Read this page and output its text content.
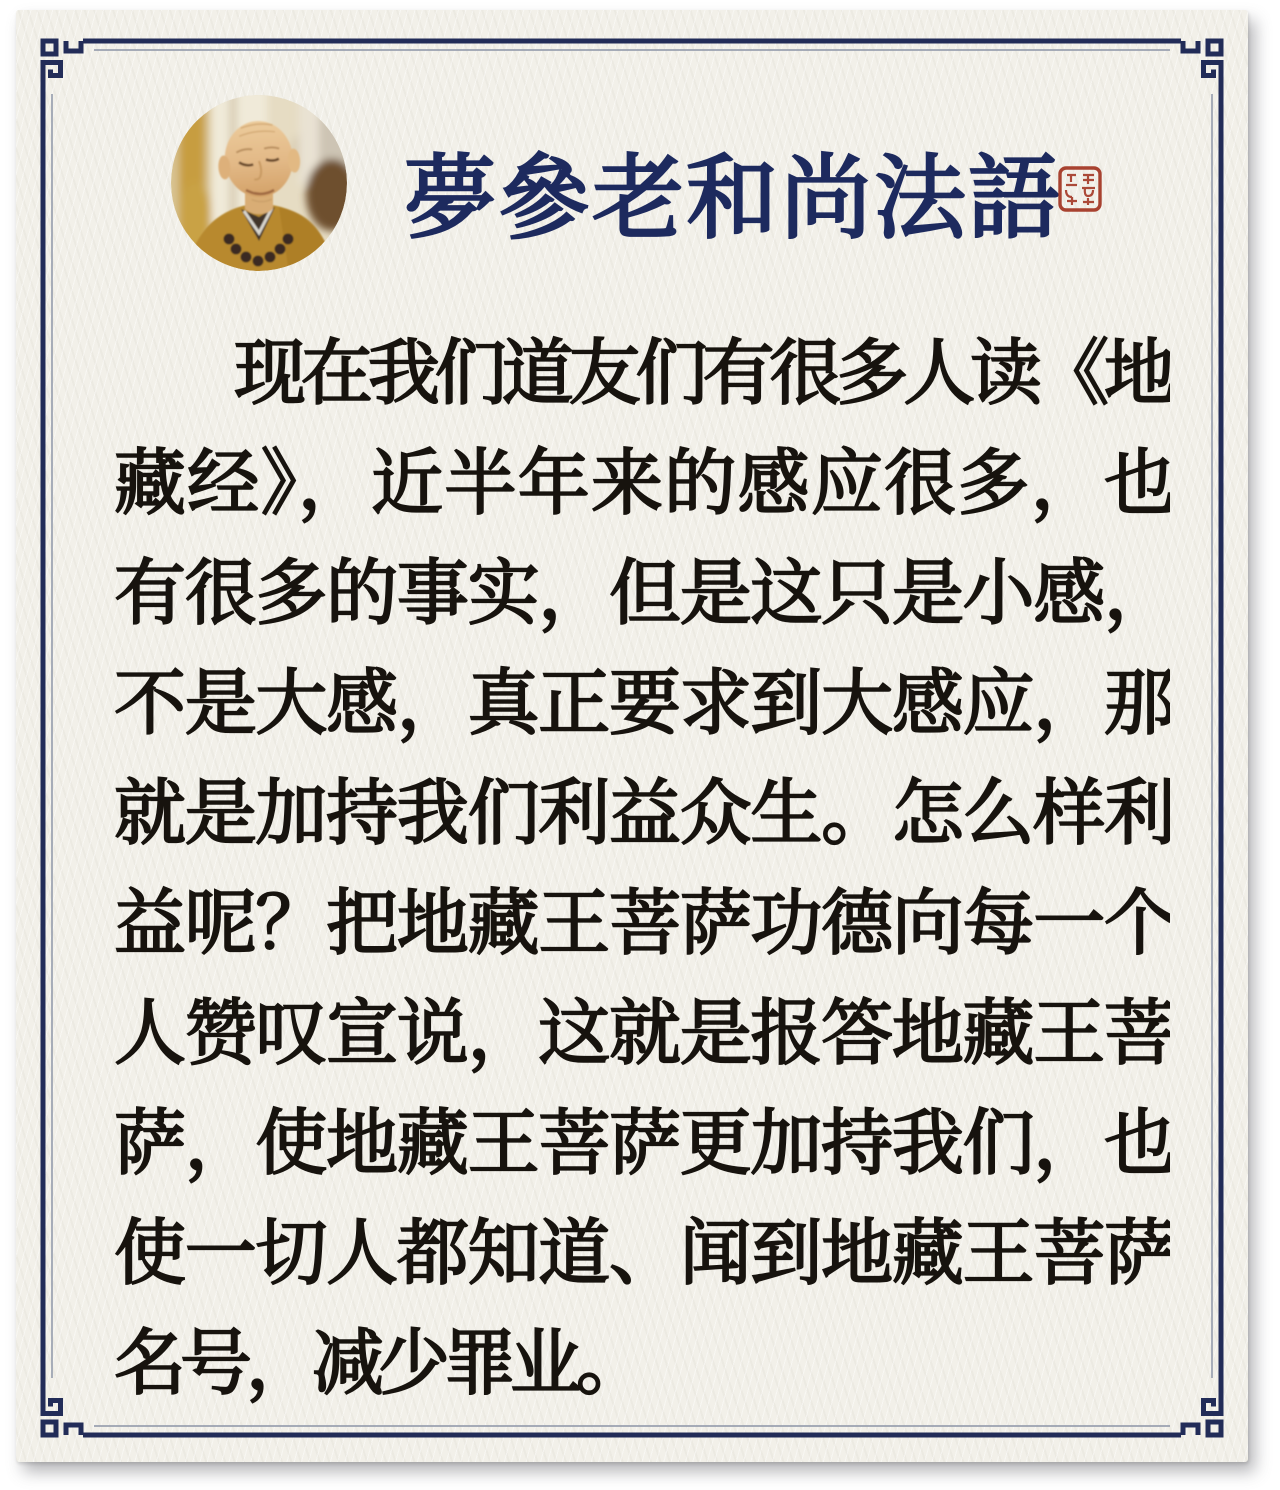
夢參老和尚法語
现在我们道友们有很多人读《地
藏经》，近半年来的感应很多，也
有很多的事实，但是这只是小感，
不是大感，真正要求到大感应，那
就是加持我们利益众生。怎么样利
益呢？把地藏王菩萨功德向每一个
人赞叹宣说，这就是报答地藏王菩
萨，使地藏王菩萨更加持我们，也
使一切人都知道、闻到地藏王菩萨
名号，减少罪业。
